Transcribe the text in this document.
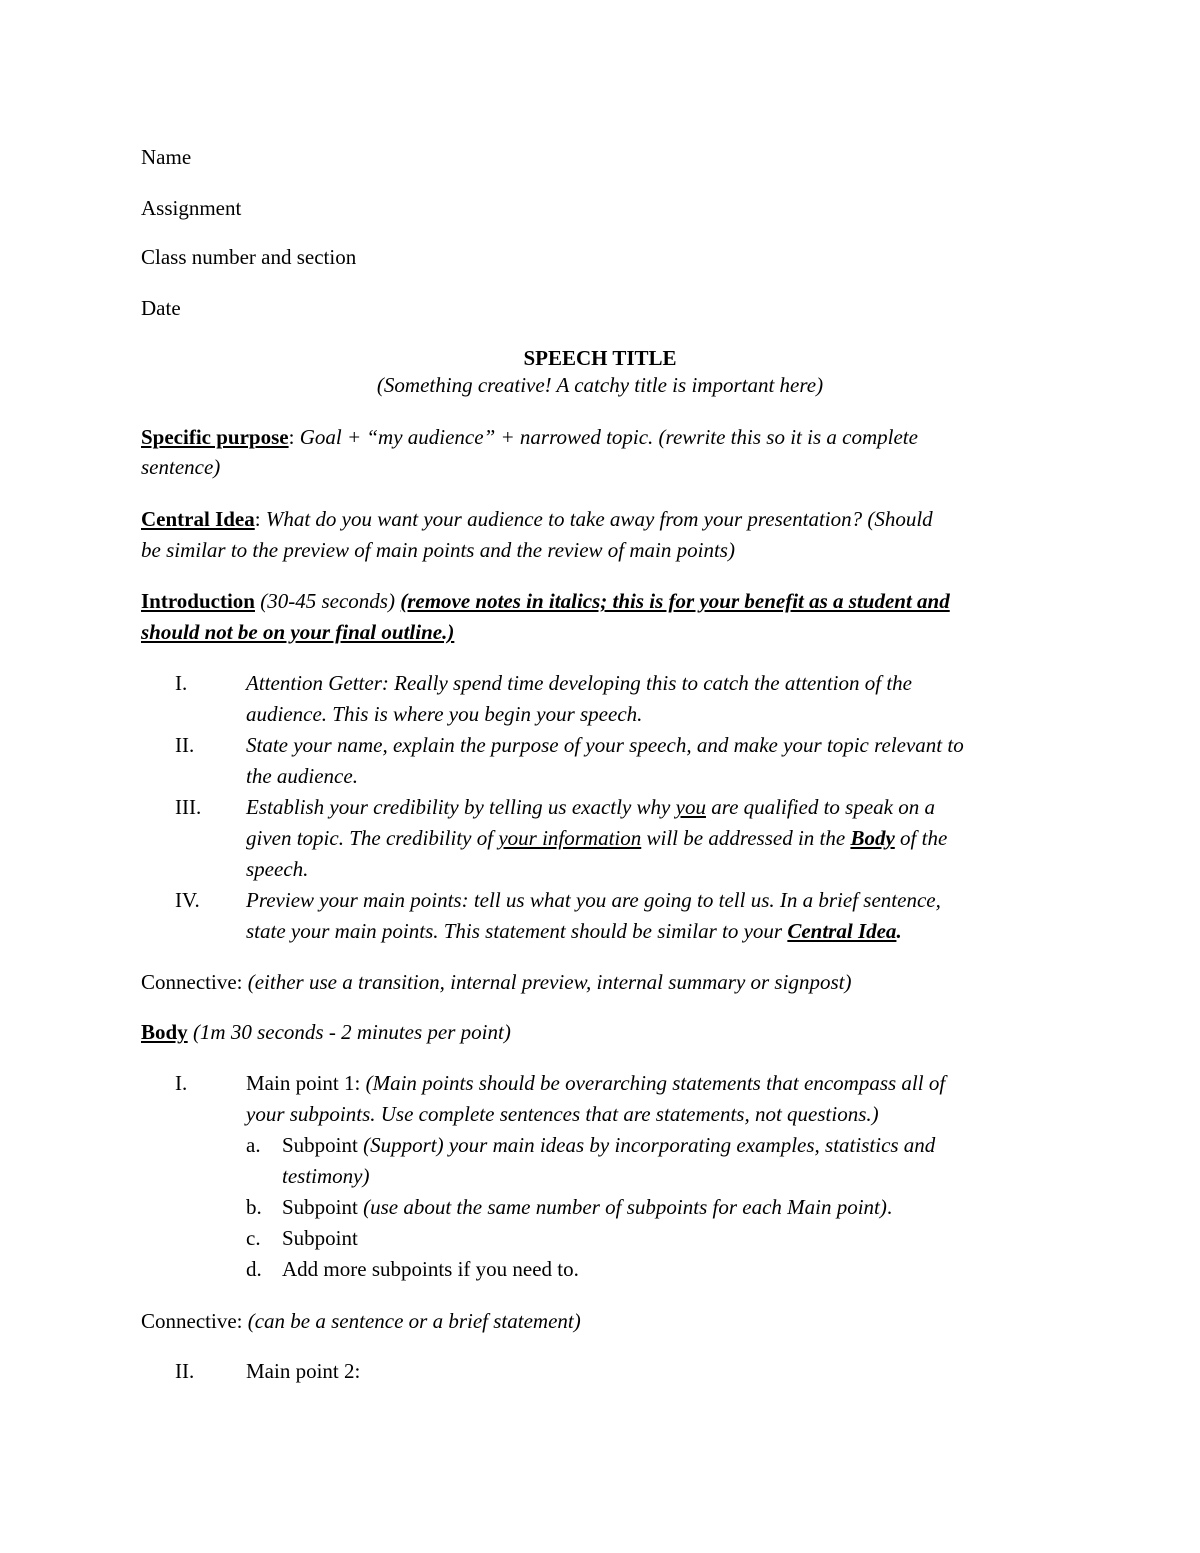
Name
Assignment
Class number and section
Date
SPEECH TITLE
(Something creative! A catchy title is important here)
Specific purpose: Goal + “my audience” + narrowed topic. (rewrite this so it is a complete
sentence)
Central Idea: What do you want your audience to take away from your presentation? (Should
be similar to the preview of main points and the review of main points)
Introduction (30-45 seconds) (remove notes in italics; this is for your benefit as a student and
should not be on your final outline.)
I.	Attention Getter: Really spend time developing this to catch the attention of the
audience. This is where you begin your speech.
II. State your name, explain the purpose of your speech, and make your topic relevant to
the audience.
III. Establish your credibility by telling us exactly why you are qualified to speak on a
given topic. The credibility of your information will be addressed in the Body of the
speech.
IV. Preview your main points: tell us what you are going to tell us. In a brief sentence,
state your main points. This statement should be similar to your Central Idea.
Connective: (either use a transition, internal preview, internal summary or signpost)
Body (1m 30 seconds - 2 minutes per point)
I.	Main point 1: (Main points should be overarching statements that encompass all of
your subpoints. Use complete sentences that are statements, not questions.)
a. Subpoint (Support) your main ideas by incorporating examples, statistics and
testimony)
b. Subpoint (use about the same number of subpoints for each Main point).
c. Subpoint
d. Add more subpoints if you need to.
Connective: (can be a sentence or a brief statement)
II. Main point 2:
